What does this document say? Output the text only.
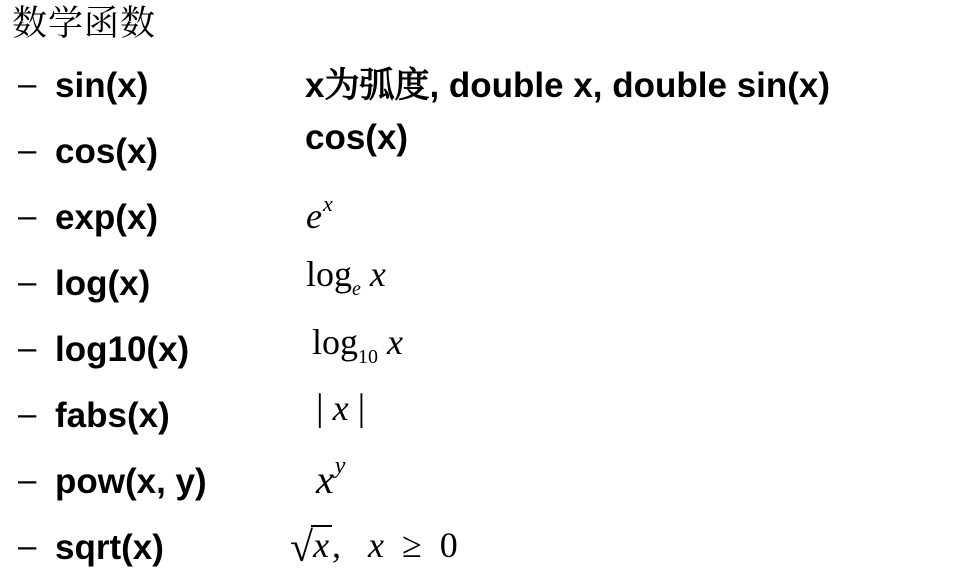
数学函数
– sin(x)	x为弧度, double x, double sin(x)
– cos(x)	cos(x)
– exp(x)	$e^x$
– log(x)	$\log_e x$
– log10(x)	$\log_{10} x$
– fabs(x)	| x |
– pow(x, y)	$x^y$
– sqrt(x)	√x, x ≥ 0
